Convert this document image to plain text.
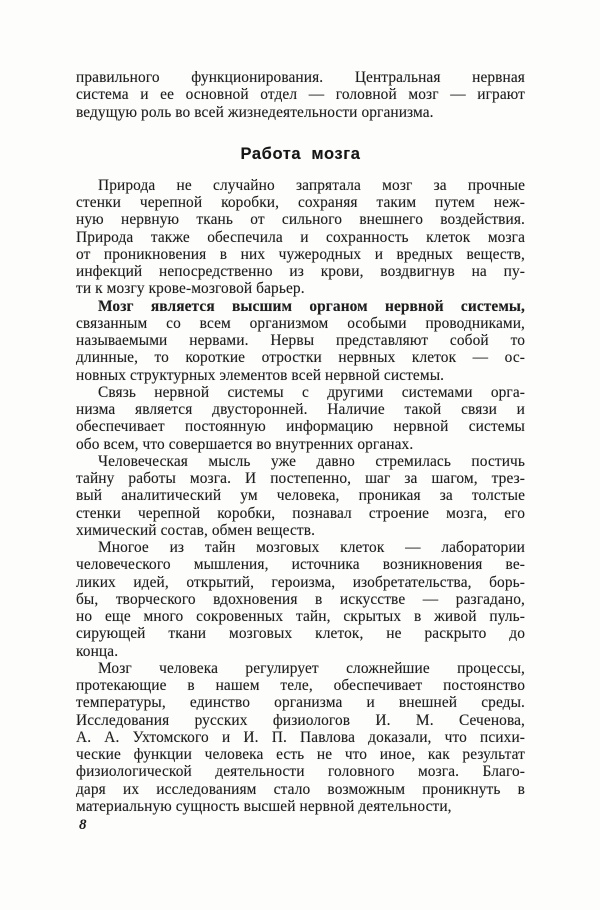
правильного функционирования. Центральная нервная
система и ее основной отдел — головной мозг — играют
ведущую роль во всей жизнедеятельности организма.
Работа мозга
Природа не случайно запрятала мозг за прочные
стенки черепной коробки, сохраняя таким путем неж-
ную нервную ткань от сильного внешнего воздействия.
Природа также обеспечила и сохранность клеток мозга
от проникновения в них чужеродных и вредных веществ,
инфекций непосредственно из крови, воздвигнув на пу-
ти к мозгу крове-мозговой барьер.
Мозг является высшим органом нервной системы,
связанным со всем организмом особыми проводниками,
называемыми нервами. Нервы представляют собой то
длинные, то короткие отростки нервных клеток — ос-
новных структурных элементов всей нервной системы.
Связь нервной системы с другими системами орга-
низма является двусторонней. Наличие такой связи и
обеспечивает постоянную информацию нервной системы
обо всем, что совершается во внутренних органах.
Человеческая мысль уже давно стремилась постичь
тайну работы мозга. И постепенно, шаг за шагом, трез-
вый аналитический ум человека, проникая за толстые
стенки черепной коробки, познавал строение мозга, его
химический состав, обмен веществ.
Многое из тайн мозговых клеток — лаборатории
человеческого мышления, источника возникновения ве-
ликих идей, открытий, героизма, изобретательства, борь-
бы, творческого вдохновения в искусстве — разгадано,
но еще много сокровенных тайн, скрытых в живой пуль-
сирующей ткани мозговых клеток, не раскрыто до
конца.
Мозг человека регулирует сложнейшие процессы,
протекающие в нашем теле, обеспечивает постоянство
температуры, единство организма и внешней среды.
Исследования русских физиологов И. М. Сеченова,
А. А. Ухтомского и И. П. Павлова доказали, что психи-
ческие функции человека есть не что иное, как результат
физиологической деятельности головного мозга. Благо-
даря их исследованиям стало возможным проникнуть в
материальную сущность высшей нервной деятельности,
8
